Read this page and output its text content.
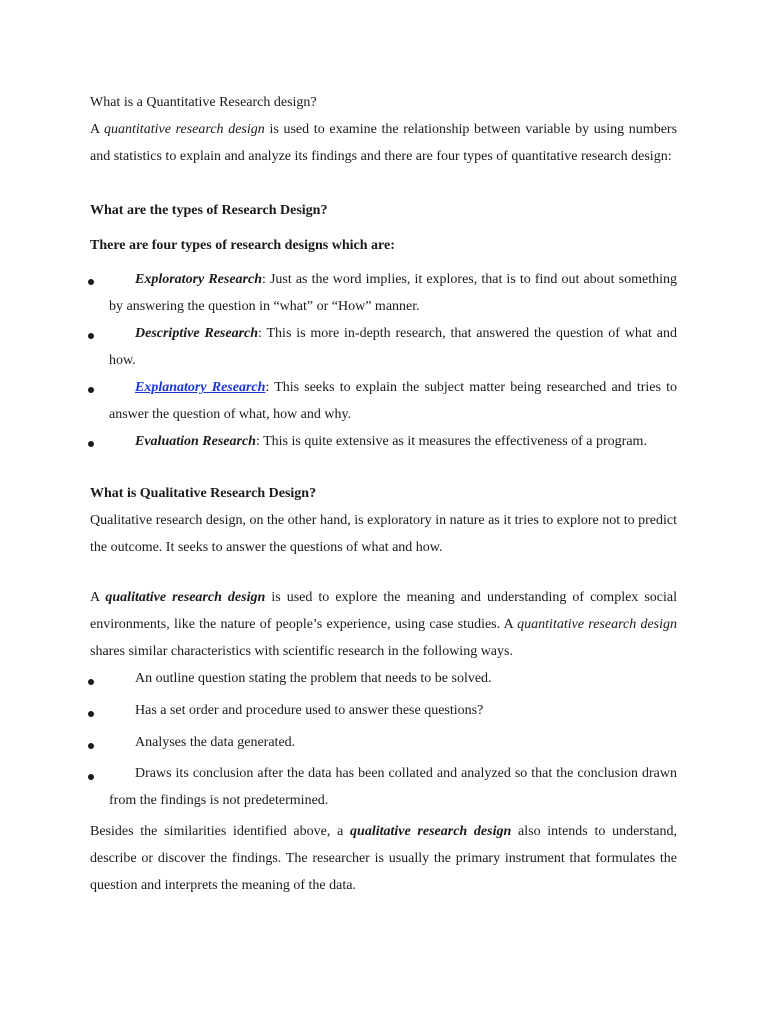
What is a Quantitative Research design?

A quantitative research design is used to examine the relationship between variable by using numbers and statistics to explain and analyze its findings and there are four types of quantitative research design:

What are the types of Research Design?

There are four types of research designs which are:

Exploratory Research: Just as the word implies, it explores, that is to find out about something by answering the question in “what” or “How” manner.

Descriptive Research: This is more in-depth research, that answered the question of what and how.

Explanatory Research: This seeks to explain the subject matter being researched and tries to answer the question of what, how and why.

Evaluation Research: This is quite extensive as it measures the effectiveness of a program.

What is Qualitative Research Design?

Qualitative research design, on the other hand, is exploratory in nature as it tries to explore not to predict the outcome. It seeks to answer the questions of what and how.

A qualitative research design is used to explore the meaning and understanding of complex social environments, like the nature of people’s experience, using case studies. A quantitative research design shares similar characteristics with scientific research in the following ways.

An outline question stating the problem that needs to be solved.

Has a set order and procedure used to answer these questions?

Analyses the data generated.

Draws its conclusion after the data has been collated and analyzed so that the conclusion drawn from the findings is not predetermined.

Besides the similarities identified above, a qualitative research design also intends to understand, describe or discover the findings. The researcher is usually the primary instrument that formulates the question and interprets the meaning of the data.
